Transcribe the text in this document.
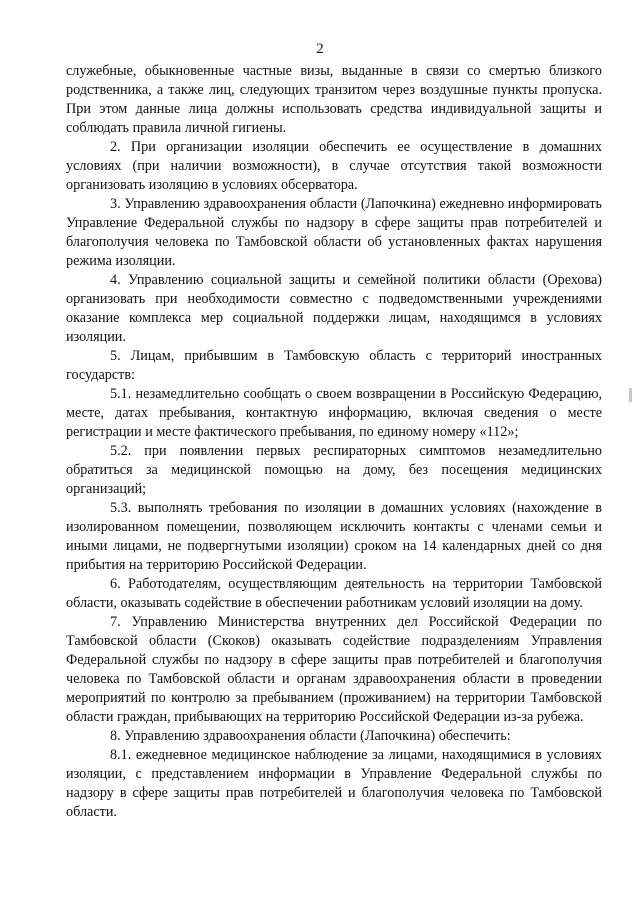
2

служебные, обыкновенные частные визы, выданные в связи со смертью близкого родственника, а также лиц, следующих транзитом через воздушные пункты пропуска. При этом данные лица должны использовать средства индивидуальной защиты и соблюдать правила личной гигиены.

2. При организации изоляции обеспечить ее осуществление в домашних условиях (при наличии возможности), в случае отсутствия такой возможности организовать изоляцию в условиях обсерватора.

3. Управлению здравоохранения области (Лапочкина) ежедневно информировать Управление Федеральной службы по надзору в сфере защиты прав потребителей и благополучия человека по Тамбовской области об установленных фактах нарушения режима изоляции.

4. Управлению социальной защиты и семейной политики области (Орехова) организовать при необходимости совместно с подведомственными учреждениями оказание комплекса мер социальной поддержки лицам, находящимся в условиях изоляции.

5. Лицам, прибывшим в Тамбовскую область с территорий иностранных государств:

5.1. незамедлительно сообщать о своем возвращении в Российскую Федерацию, месте, датах пребывания, контактную информацию, включая сведения о месте регистрации и месте фактического пребывания, по единому номеру «112»;

5.2. при появлении первых респираторных симптомов незамедлительно обратиться за медицинской помощью на дому, без посещения медицинских организаций;

5.3. выполнять требования по изоляции в домашних условиях (нахождение в изолированном помещении, позволяющем исключить контакты с членами семьи и иными лицами, не подвергнутыми изоляции) сроком на 14 календарных дней со дня прибытия на территорию Российской Федерации.

6. Работодателям, осуществляющим деятельность на территории Тамбовской области, оказывать содействие в обеспечении работникам условий изоляции на дому.

7. Управлению Министерства внутренних дел Российской Федерации по Тамбовской области (Скоков) оказывать содействие подразделениям Управления Федеральной службы по надзору в сфере защиты прав потребителей и благополучия человека по Тамбовской области и органам здравоохранения области в проведении мероприятий по контролю за пребыванием (проживанием) на территории Тамбовской области граждан, прибывающих на территорию Российской Федерации из-за рубежа.

8. Управлению здравоохранения области (Лапочкина) обеспечить:

8.1. ежедневное медицинское наблюдение за лицами, находящимися в условиях изоляции, с представлением информации в Управление Федеральной службы по надзору в сфере защиты прав потребителей и благополучия человека по Тамбовской области.
